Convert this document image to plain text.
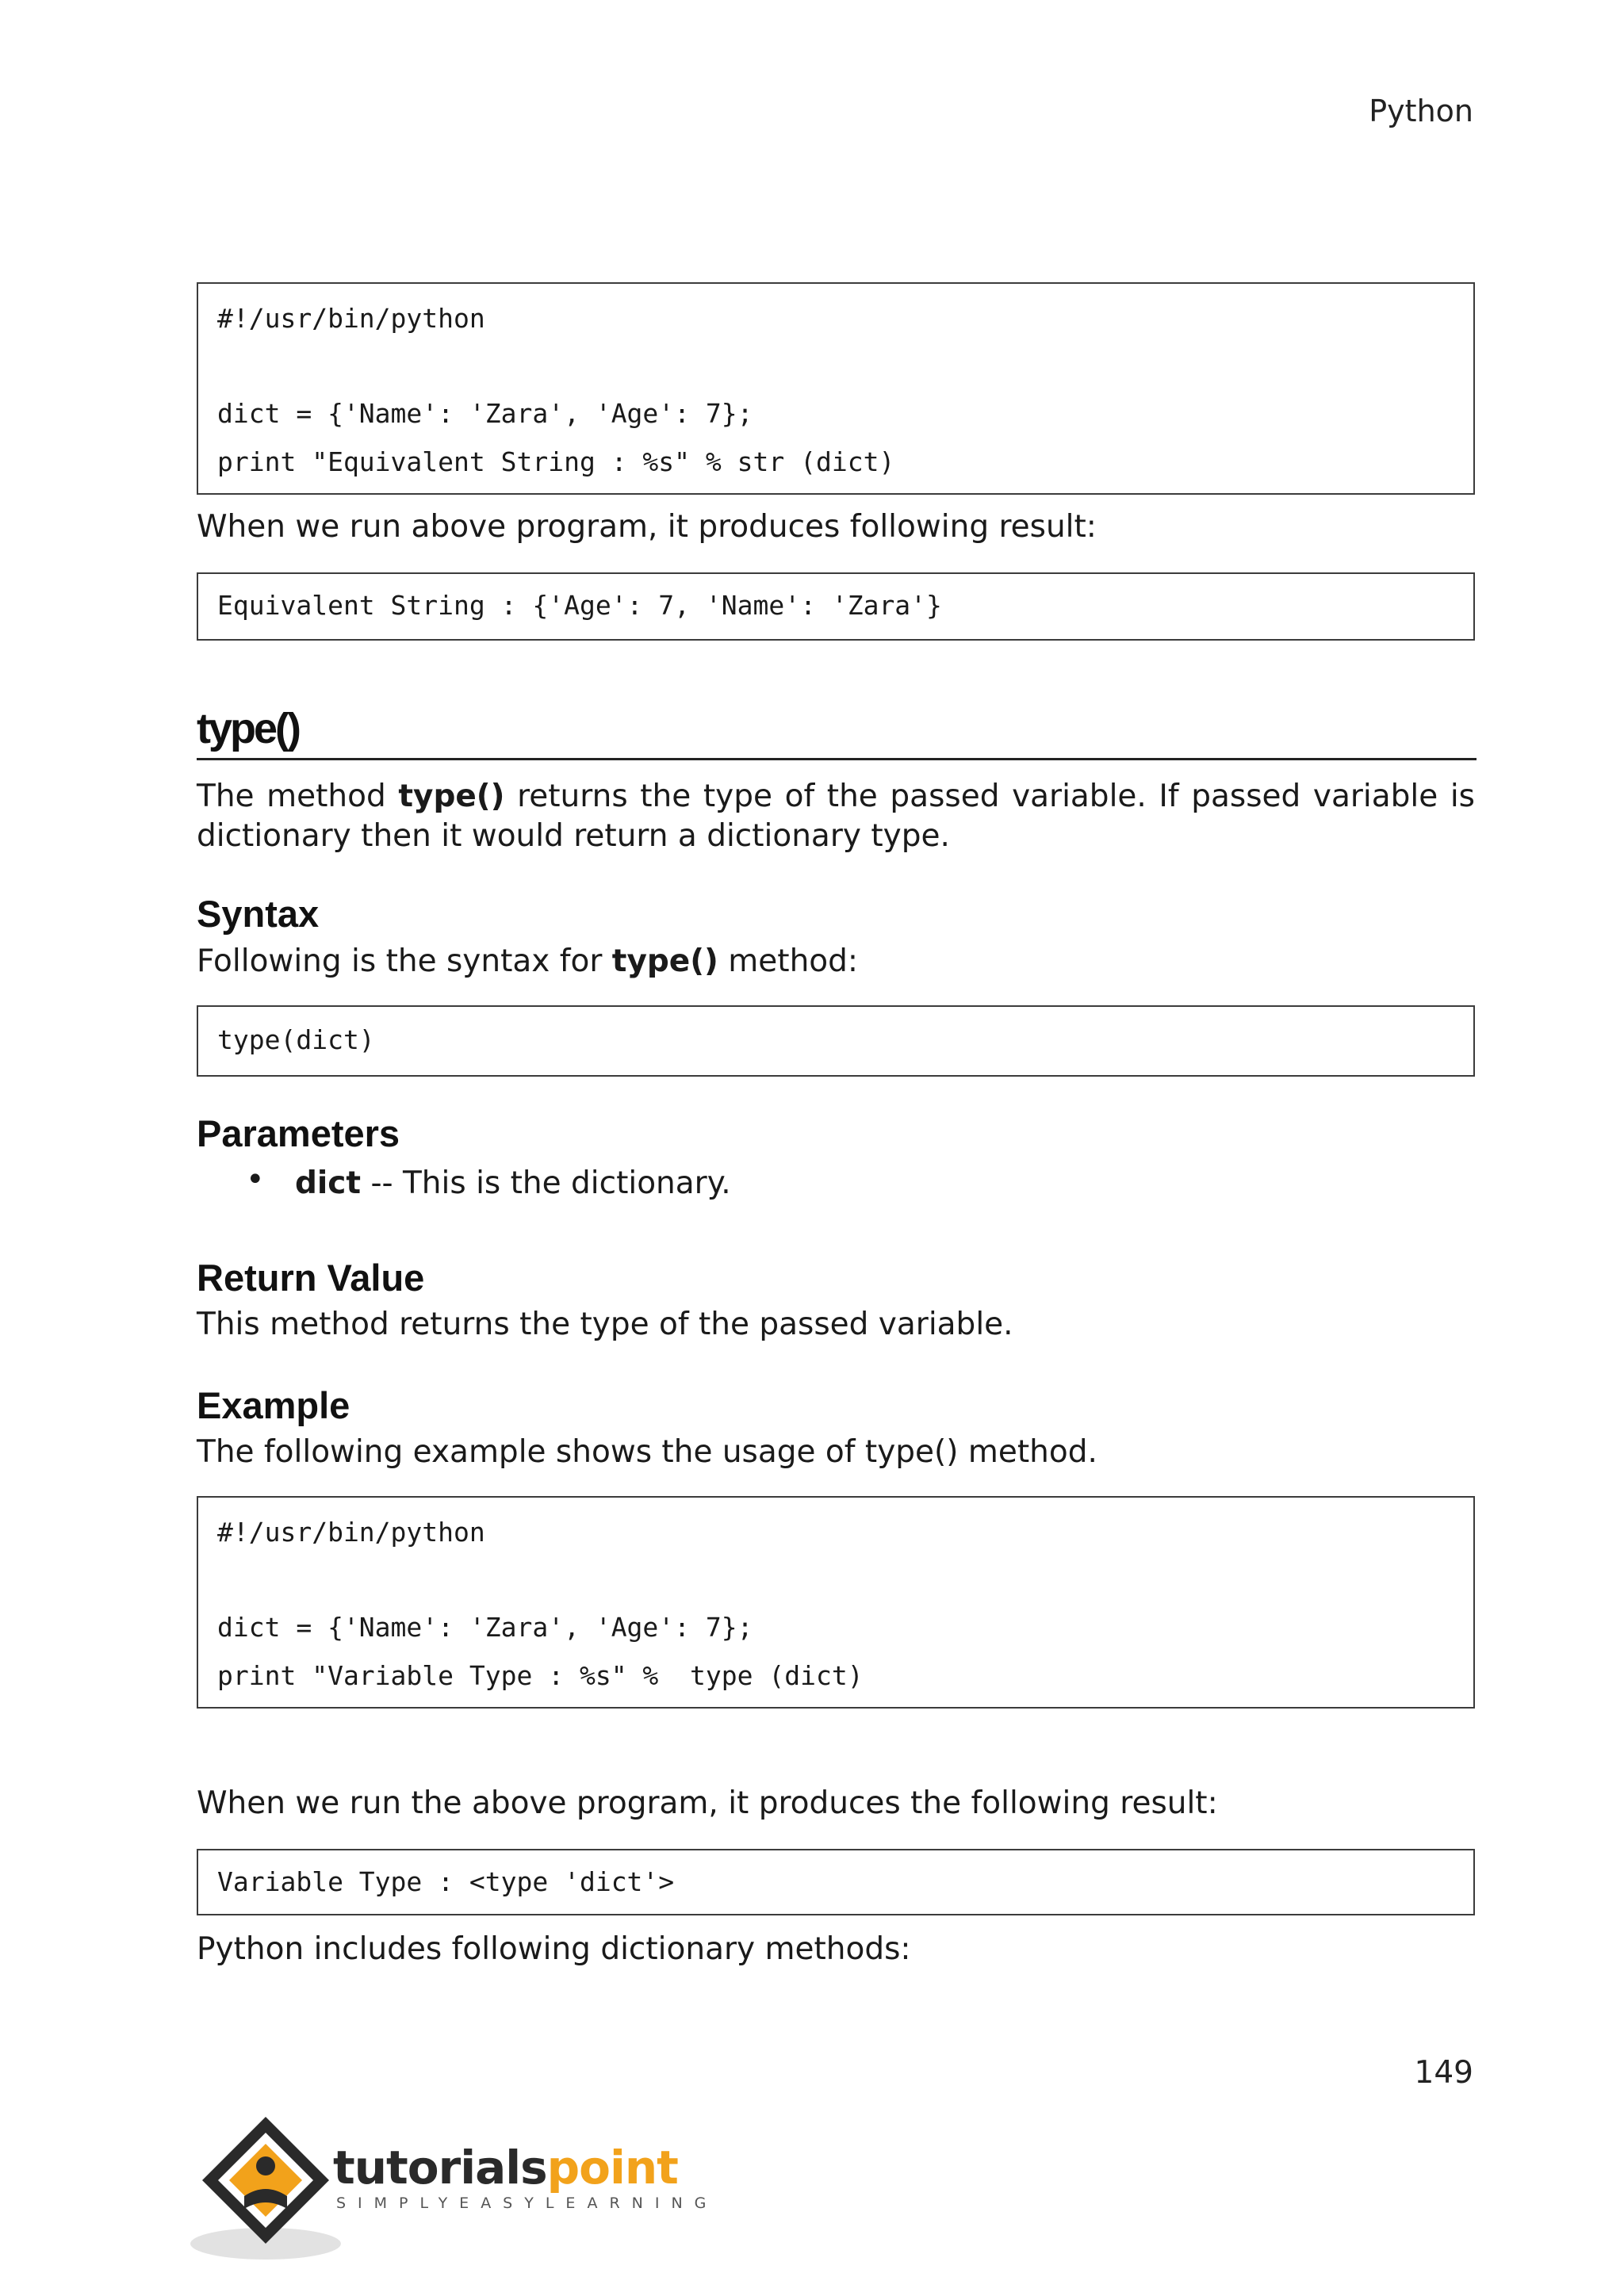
Python
#!/usr/bin/python
dict = {'Name': 'Zara', 'Age': 7};
print "Equivalent String : %s" % str (dict)
When we run above program, it produces following result:
Equivalent String : {'Age': 7, 'Name': 'Zara'}
type()
The method type() returns the type of the passed variable. If passed variable is dictionary then it would return a dictionary type.
Syntax
Following is the syntax for type() method:
type(dict)
Parameters
• dict -- This is the dictionary.
Return Value
This method returns the type of the passed variable.
Example
The following example shows the usage of type() method.
#!/usr/bin/python
dict = {'Name': 'Zara', 'Age': 7};
print "Variable Type : %s" %  type (dict)
When we run the above program, it produces the following result:
Variable Type : <type 'dict'>
Python includes following dictionary methods:
149
tutorialspoint
SIMPLYEASYLEARNING
